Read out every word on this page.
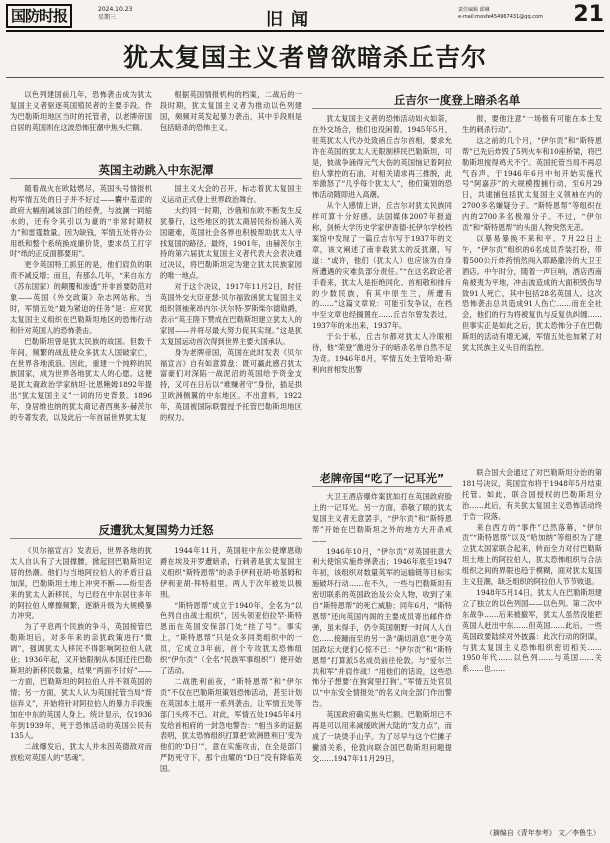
国防时报	2024.10.23
星期三	旧闻	责任编辑 邱琳
e-mail:mosfe454967431@qq.com 21
犹太复国主义者曾欲暗杀丘吉尔

以色列建国前几年，恐怖袭击成为犹太复国主义者驱逐英国殖民者的主要手段。作为巴勒斯坦地区当时的托管者，以老牌帝国自居的英国则在这波恐怖狂潮中焦头烂额。

根据英国情报机构的档案，二战后的一段时期，犹太复国主义者为推动以色列建国，频频对英发起暴力袭击，其中手段则是包括暗杀的恐怖主义。

英国主动跳入中东泥潭

随着战火在欧陆燃尽，英国头号情报机构军情五处的日子并不好过——囊中羞涩的政府大幅削减该部门的经费，与波澜一同缩水的，还有令其引以为豪的“非常时期权力”和雷霆数量。因为缺钱，军情五处将办公用纸和整个系统换成廉价货，要求员工打字时“纸的正反面都要用”。

更令英国特工抓狂的是，他们肩负的职责不减反增；而且，有那么几年，“来自东方（苏东国家）的颠覆和渗透”并非首要防范对象——英国《外交政策》杂志网站称，当时，军情五处“最为紧迫的任务”是：应对犹太复国主义组织在巴勒斯坦地区的恐怖行动和针对英国人的恐怖袭击。

巴勒斯坦曾是犹太民族的故国。但数千年间，频繁的战乱使众多犹太人国破家亡，在世界各地流浪。因此，重建一个纯粹的民族国家，成为世界各地犹太人的心愿。这便是犹太裔政治学家纳坦·比恩鲍姆1892年提出“犹太复国主义”一词的历史背景。1896年，身居维也纳的犹太裔记者西奥多·赫茨尔的专著发表，以及此后一年首届世界犹太复

国主义大会的召开，标志着犹太复国主义运动正式登上世界政治舞台。

大约同一时期，沙俄和东欧不断发生反犹暴行，这些地区的犹太裔居民纷纷涌入英国避难，英国社会各界也积极帮助犹太人寻找复国的路径。最终，1901年，由赫茨尔主持的第六届犹太复国主义者代表大会表决通过决议，将巴勒斯坦定为建立犹太民族家园的唯一地点。

对于这个决议，1917年11月2日，时任英国外交大臣亚瑟·贝尔福致函犹太复国主义组织领袖莱昂内尔·沃尔特·罗斯柴尔德勋爵，表示“英王陛下赞成在巴勒斯坦建立犹太人的家园——并将尽最大努力促其实现。”这是犹太复国运动首次得到世界主要大国承认。

身为老牌帝国，英国在此时发表《贝尔福宣言》自有如意算盘：既可赢此感召犹太富豪们对深陷一战泥沼的英国给予资金支持，又可在日后以“难赚者守”身份，插足拱卫欧洲侧翼的中东地区。不出意料，1922年，英国被国际联盟授予托管巴勒斯坦地区的权力。

反遭犹太复国势力迁怒

《贝尔福宣言》发表后，世界各地的犹太人自认有了大国撑腰，掀起回巴勒斯坦定居的热潮。他们与当地阿拉伯人的矛盾日益加深，巴勒斯坦土地上冲突不断——纷至沓来的犹太人新移民，与已经在中东居住多年的阿拉伯人摩擦频繁，逐渐升级为大规模暴力冲突。

为了平息两个民族的争斗，英国接管巴勒斯坦后，对多年来的亲犹政策进行“微调”，强调犹太人移民不得影响阿拉伯人就业；1936年起，又开始限制从本国迁往巴勒斯坦的新移民数量，结果“两面不讨好”——一方面，巴勒斯坦的阿拉伯人并不领英国的情；另一方面，犹太人认为英国托管当局“背信弃义”，开始将针对阿拉伯人的暴力手段施加在中东的英国人身上。统计显示，仅1936年到1939年，死于恐怖活动的英国公民有135人。

二战爆发后，犹太人并未因英德敌对而放松对英国人的“恶魂”。

1944年11月，英国驻中东公使摩恩勋爵在埃及开罗遭暗杀，行刺者是犹太复国主义组织“斯特恩帮”的杀手伊利亚胡·哈基姆和伊利亚胡·拜特祖里。两人于次年被处以极刑。

“斯特恩帮”成立于1940年，全名为“以色列自由战士组织”，因头领亚伯拉罕·斯特恩而在英国安保部门处“挂了号”。事实上，“斯特恩帮”只是众多同类组织中的一员，它成立3年前，首个专攻犹太恐怖组织“伊尔贡”（全名“民族军事组织”）便开始了活动。

二战胜利前夜，“斯特恩帮”和“伊尔贡”不仅在巴勒斯坦策划恐怖活动，甚至计划在英国本土展开一系列袭击，让军情五处等部门头疼不已。对此，军情五处1945年4月发给首相府的一封急电警告：“相当多的证据表明，犹太恐怖组织打算把‘欧洲胜利日’变为他们的‘D日’”，意在实施攻击，在全是部门严防死守下，那个由耀的“D日”没有降临英国。

丘吉尔一度登上暗杀名单

犹太复国主义者的恐怖活动如火如荼，在外交场合，他们也没闲着。1945年5月，驻英犹太人代办处致函丘吉尔首相，要求允许在英国的犹太人无限制移民巴勒斯坦，可是，彼战争涌得元气大伤的英国恼记着阿拉伯人掌控的石油，对相关请求再三推脱，此举激怒了“几乎每个犹太人”，他们策划的恐怖活动随即进入高潮。

从个人感情上讲，丘吉尔对犹太民族同样可算十分好感。法国媒体2007年报道称，剑桥大学历史学家伊查德·托伊尔学校档案馆中发现了一篇丘吉尔写于1937年的文章，该文阐述了南非载犹太的反犹潮，写道：“或许，他们（犹太人）也应该为自身所遭遇的灾难负部分责任。”“在这名政论者手看来，犹太人是拒绝同化、首相敬和排斥的少数民族，有其中原生兰，所遭有的……”这篇文章说：可能引发争议，在档中至文章也经搁置在……丘吉尔曾发表过，1937年的未出来，1937年。

于公于私，丘吉尔都对犹太人冷眼相待，他“荣登”激进分子的暗杀名单自然不足为奇。1946年8月，军情五处主管哈珀·斯利向首相发出警

报，要他注意“一场极有可能在本土发生的刺杀行动”。

这之前的几个月，“伊尔贡”和“斯特恩帮”已先后炸毁了5列火车和10座桥梁，将巴勒斯坦搅得鸡犬不宁。英国托管当局不再忍气吞声，于1946年6月中旬开始实施代号“阿嘉莎”的大规模搜捕行动，至6月29日，共逮捕包括犹太复国主义领袖在内的2700多名嫌疑分子。“斯特恩帮”等组织在内的2700多名极端分子。不过，“伊尔贡”和“斯特恩帮”的头面人物突然无恙。

以暴易暴换不来和平。7月22日上午，“伊尔贡”组织的6名成员乔装打扮，带着500公斤炸药悄然闯入耶路撒冷的大卫王酒店。中午时分，随着一声巨响，酒店西南角被夷为平地，冲击波造成的大面积毁伤导致91人死亡，其中包括28名英国人。这次恐怖袭击总共造成91人伤亡……而在全社会，他们的行为将被复仇与反复仇纠缠……但事实正是如此之后，犹太恐怖分子在巴勒斯坦的活动有增无减，军情五处也加紧了对犹太民族主义头目的监控。

老牌帝国“吃了一记耳光”

大卫王酒店爆炸案犹如打在英国政府脸上的一记耳光。另一方面，恭敬了眼的犹太复国主义者无意罢手，“伊尔贡”和“斯特恩帮”开始在巴勒斯坦之外的地方大开杀戒——

1946年10月，“伊尔贡”对英国驻意大利大使馆实施炸弹袭击；1946年底至1947年初，该组织对数量英军的运输链等目标实施破坏行动……在不久，一些与巴勒斯坦有密切联系的英国政治及公众人物，收到了来自“斯特恩帮”的死亡威胁；同年6月，“斯特恩帮”还向英国内阁的主要成员寄出邮件炸弹，虽未得手，仍令英国朝野一时间人人自危……接踵而至的另一条“确切消息”更令英国政坛大佬们心惊不已：“伊尔贡”和“斯特恩帮”打算派5名成员前往伦敦，与“爱尔兰共和军”并肩作战！“用他们的话说，这些恐怖分子想要‘在狗窝里打狗’。”军情五处官员以“中东安全情报处”的名义向全部门作出警告。

英国政府确实焦头烂额。巴勒斯坦已不再是可以用来减缓欧洲大陆的“发力点”，而成了一块烫手山芋。为了尽早与这个烂摊子撇清关系，伦敦向联合国巴勒斯坦问题提交……1947年11月29日，

联合国大会通过了对巴勒斯坦分治的第181号决议，英国宣布将于1948年5月结束托管。如此，联合国授权的巴勒斯坦分治……此后，有关犹太复国主义恐怖活动终于告一段落。

来自西方的“事件”已然落幕，“伊尔贡”“斯特恩帮”以及“哈加纳”等组织为了建立犹太国家联合起来，转而全力对付巴勒斯坦土地上的阿拉伯人，犹太恐怖组织与合法组织之间的界限也趋于模糊，面对犹太复国主义狂潮，缺乏组织的阿拉伯人节节败退。

1948年5月14日，犹太人在巴勒斯坦建立了独立的以色列国——以色列。第二次中东战争……后来被撤军，犹太人虽然没能把英国人赶出中东……但英国……此后，一些英国政要陆续对外披露：此次行动的阴谋，与犹太复国主义恐怖组织密切相关……1950年代……以色列……与英国……关系……也……

（摘编自《青年参考》 文／李鲁生）
